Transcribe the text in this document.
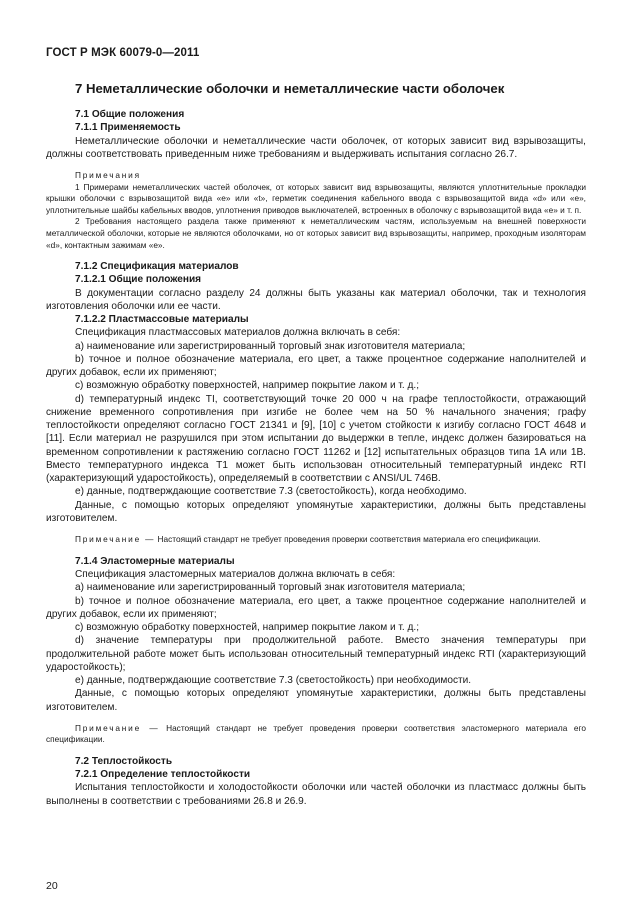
ГОСТ Р МЭК 60079-0—2011
7 Неметаллические оболочки и неметаллические части оболочек

7.1 Общие положения

7.1.1 Применяемость

Неметаллические оболочки и неметаллические части оболочек, от которых зависит вид взрывозащиты, должны соответствовать приведенным ниже требованиям и выдерживать испытания согласно 26.7.

Примечания

1 Примерами неметаллических частей оболочек, от которых зависит вид взрывозащиты, являются уплотнительные прокладки крышки оболочки с взрывозащитой вида «е» или «t», герметик соединения кабельного ввода с взрывозащитой вида «d» или «е», уплотнительные шайбы кабельных вводов, уплотнения приводов выключателей, встроенных в оболочку с взрывозащитой вида «е» и т. п.

2 Требования настоящего раздела также применяют к неметаллическим частям, используемым на внешней поверхности металлической оболочки, которые не являются оболочками, но от которых зависит вид взрывозащиты, например, проходным изоляторам «d», контактным зажимам «е».

7.1.2 Спецификация материалов

7.1.2.1 Общие положения

В документации согласно разделу 24 должны быть указаны как материал оболочки, так и технология изготовления оболочки или ее части.

7.1.2.2 Пластмассовые материалы

Спецификация пластмассовых материалов должна включать в себя:

а) наименование или зарегистрированный торговый знак изготовителя материала;

b) точное и полное обозначение материала, его цвет, а также процентное содержание наполнителей и других добавок, если их применяют;

c) возможную обработку поверхностей, например покрытие лаком и т. д.;

d) температурный индекс TI, соответствующий точке 20 000 ч на графе теплостойкости, отражающий снижение временного сопротивления при изгибе не более чем на 50 % начального значения; графу теплостойкости определяют согласно ГОСТ 21341 и [9], [10] с учетом стойкости к изгибу согласно ГОСТ 4648 и [11]. Если материал не разрушился при этом испытании до выдержки в тепле, индекс должен базироваться на временном сопротивлении к растяжению согласно ГОСТ 11262 и [12] испытательных образцов типа 1A или 1B. Вместо температурного индекса T1 может быть использован относительный температурный индекс RTI (характеризующий ударостойкость), определяемый в соответствии с ANSI/UL 746B.

е) данные, подтверждающие соответствие 7.3 (светостойкость), когда необходимо.

Данные, с помощью которых определяют упомянутые характеристики, должны быть представлены изготовителем.

Примечание — Настоящий стандарт не требует проведения проверки соответствия материала его спецификации.

7.1.4 Эластомерные материалы

Спецификация эластомерных материалов должна включать в себя:

а) наименование или зарегистрированный торговый знак изготовителя материала;

b) точное и полное обозначение материала, его цвет, а также процентное содержание наполнителей и других добавок, если их применяют;

c) возможную обработку поверхностей, например покрытие лаком и т. д.;

d) значение температуры при продолжительной работе. Вместо значения температуры при продолжительной работе может быть использован относительный температурный индекс RTI (характеризующий ударостойкость);

е) данные, подтверждающие соответствие 7.3 (светостойкость) при необходимости.

Данные, с помощью которых определяют упомянутые характеристики, должны быть представлены изготовителем.

Примечание — Настоящий стандарт не требует проведения проверки соответствия эластомерного материала его спецификации.

7.2 Теплостойкость

7.2.1 Определение теплостойкости

Испытания теплостойкости и холодостойкости оболочки или частей оболочки из пластмасс должны быть выполнены в соответствии с требованиями 26.8 и 26.9.

20
